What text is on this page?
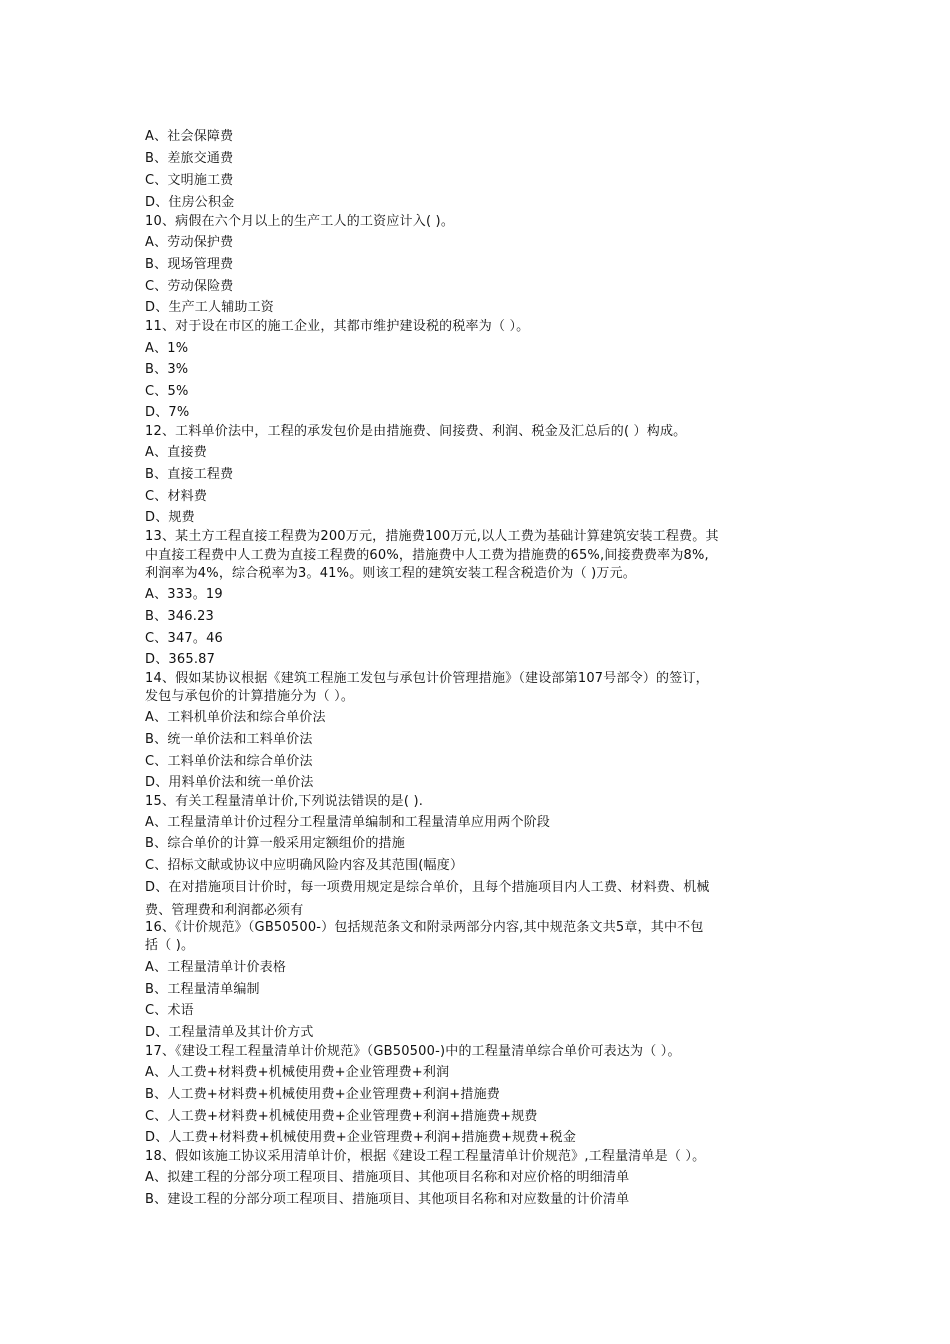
A、社会保障费
B、差旅交通费
C、文明施工费
D、住房公积金
10、病假在六个月以上的生产工人的工资应计入( )。
A、劳动保护费
B、现场管理费
C、劳动保险费
D、生产工人辅助工资
11、对于设在市区的施工企业，其都市维护建设税的税率为（ ）。
A、1%
B、3%
C、5%
D、7%
12、工料单价法中，工程的承发包价是由措施费、间接费、利润、税金及汇总后的( ）构成。
A、直接费
B、直接工程费
C、材料费
D、规费
13、某土方工程直接工程费为200万元，措施费100万元,以人工费为基础计算建筑安装工程费。其
中直接工程费中人工费为直接工程费的60%，措施费中人工费为措施费的65%,间接费费率为8%,
利润率为4%，综合税率为3。41%。则该工程的建筑安装工程含税造价为（ )万元。
A、333。19
B、346.23
C、347。46
D、365.87
14、假如某协议根据《建筑工程施工发包与承包计价管理措施》（建设部第107号部令）的签订，
发包与承包价的计算措施分为（ ）。
A、工料机单价法和综合单价法
B、统一单价法和工料单价法
C、工料单价法和综合单价法
D、用料单价法和统一单价法
15、有关工程量清单计价,下列说法错误的是( ).
A、工程量清单计价过程分工程量清单编制和工程量清单应用两个阶段
B、综合单价的计算一般采用定额组价的措施
C、招标文献或协议中应明确风险内容及其范围(幅度）
D、在对措施项目计价时，每一项费用规定是综合单价，且每个措施项目内人工费、材料费、机械
费、管理费和利润都必须有
16、《计价规范》（GB50500-）包括规范条文和附录两部分内容,其中规范条文共5章，其中不包
括（ )。
A、工程量清单计价表格
B、工程量清单编制
C、术语
D、工程量清单及其计价方式
17、《建设工程工程量清单计价规范》（GB50500-)中的工程量清单综合单价可表达为（ ）。
A、人工费+材料费+机械使用费+企业管理费+利润
B、人工费+材料费+机械使用费+企业管理费+利润+措施费
C、人工费+材料费+机械使用费+企业管理费+利润+措施费+规费
D、人工费+材料费+机械使用费+企业管理费+利润+措施费+规费+税金
18、假如该施工协议采用清单计价，根据《建设工程工程量清单计价规范》,工程量清单是（ ）。
A、拟建工程的分部分项工程项目、措施项目、其他项目名称和对应价格的明细清单
B、建设工程的分部分项工程项目、措施项目、其他项目名称和对应数量的计价清单
